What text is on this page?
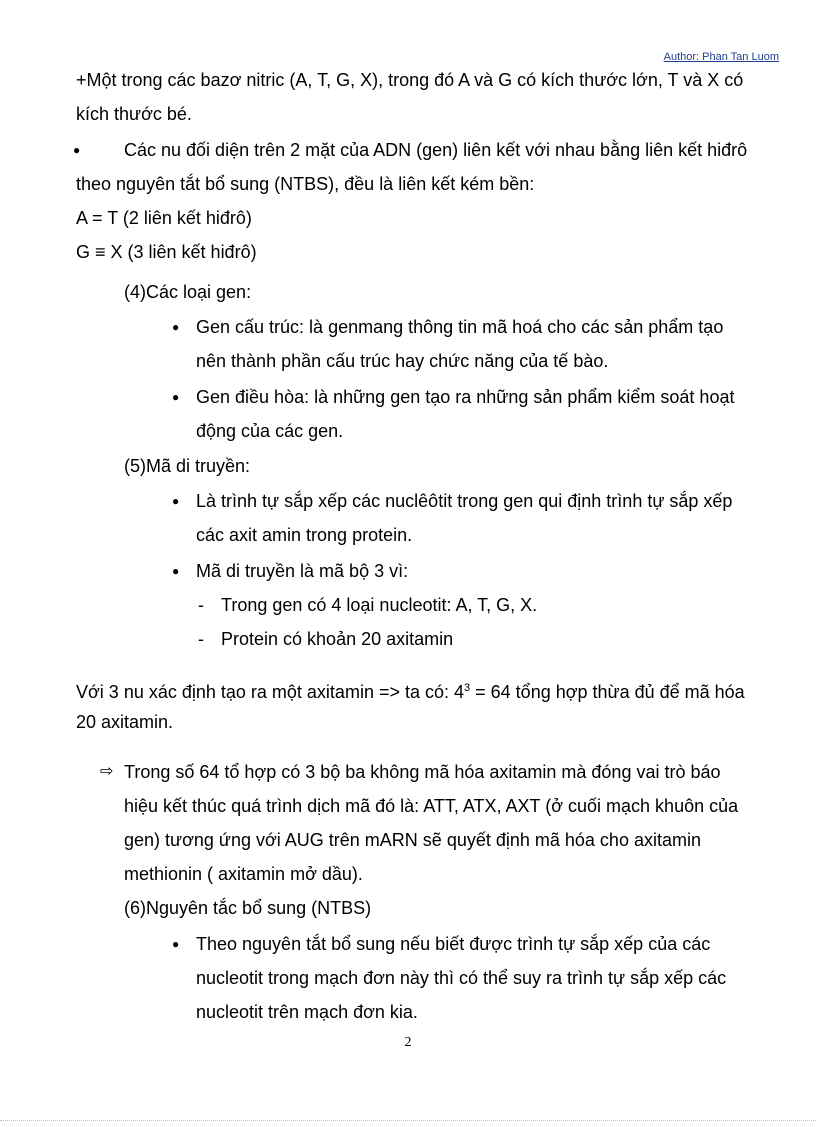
Author: Phan Tan Luom
+Một trong các bazơ nitric (A, T, G, X), trong đó A và G có kích thước lớn, T và X có
kích thước bé.
● Các nu đối diện trên 2 mặt của ADN (gen) liên kết với nhau bằng liên kết hiđrô
theo nguyên tắt bổ sung (NTBS), đều là liên kết kém bền:
A = T (2 liên kết hiđrô)
G ≡ X (3 liên kết hiđrô)
(4)Các loại gen:
● Gen cấu trúc: là genmang thông tin mã hoá cho các sản phẩm tạo
nên thành phần cấu trúc hay chức năng của tế bào.
● Gen điều hòa: là những gen tạo ra những sản phẩm kiểm soát hoạt
động của các gen.
(5)Mã di truyền:
● Là trình tự sắp xếp các nuclêôtit trong gen qui định trình tự sắp xếp
các axit amin trong protein.
● Mã di truyền là mã bộ 3 vì:
- Trong gen có 4 loại nucleotit: A, T, G, X.
- Protein có khoản 20 axitamin
Với 3 nu xác định tạo ra một axitamin => ta có: $4^3 = 64$ tổng hợp thừa đủ để mã hóa
20 axitamin.
⇨ Trong số 64 tổ hợp có 3 bộ ba không mã hóa axitamin mà đóng vai trò báo
hiệu kết thúc quá trình dịch mã đó là: ATT, ATX, AXT (ở cuối mạch khuôn của
gen) tương ứng với AUG trên mARN sẽ quyết định mã hóa cho axitamin
methionin ( axitamin mở dầu).
(6)Nguyên tắc bổ sung (NTBS)
● Theo nguyên tắt bổ sung nếu biết được trình tự sắp xếp của các
nucleotit trong mạch đơn này thì có thể suy ra trình tự sắp xếp các
nucleotit trên mạch đơn kia.
2
